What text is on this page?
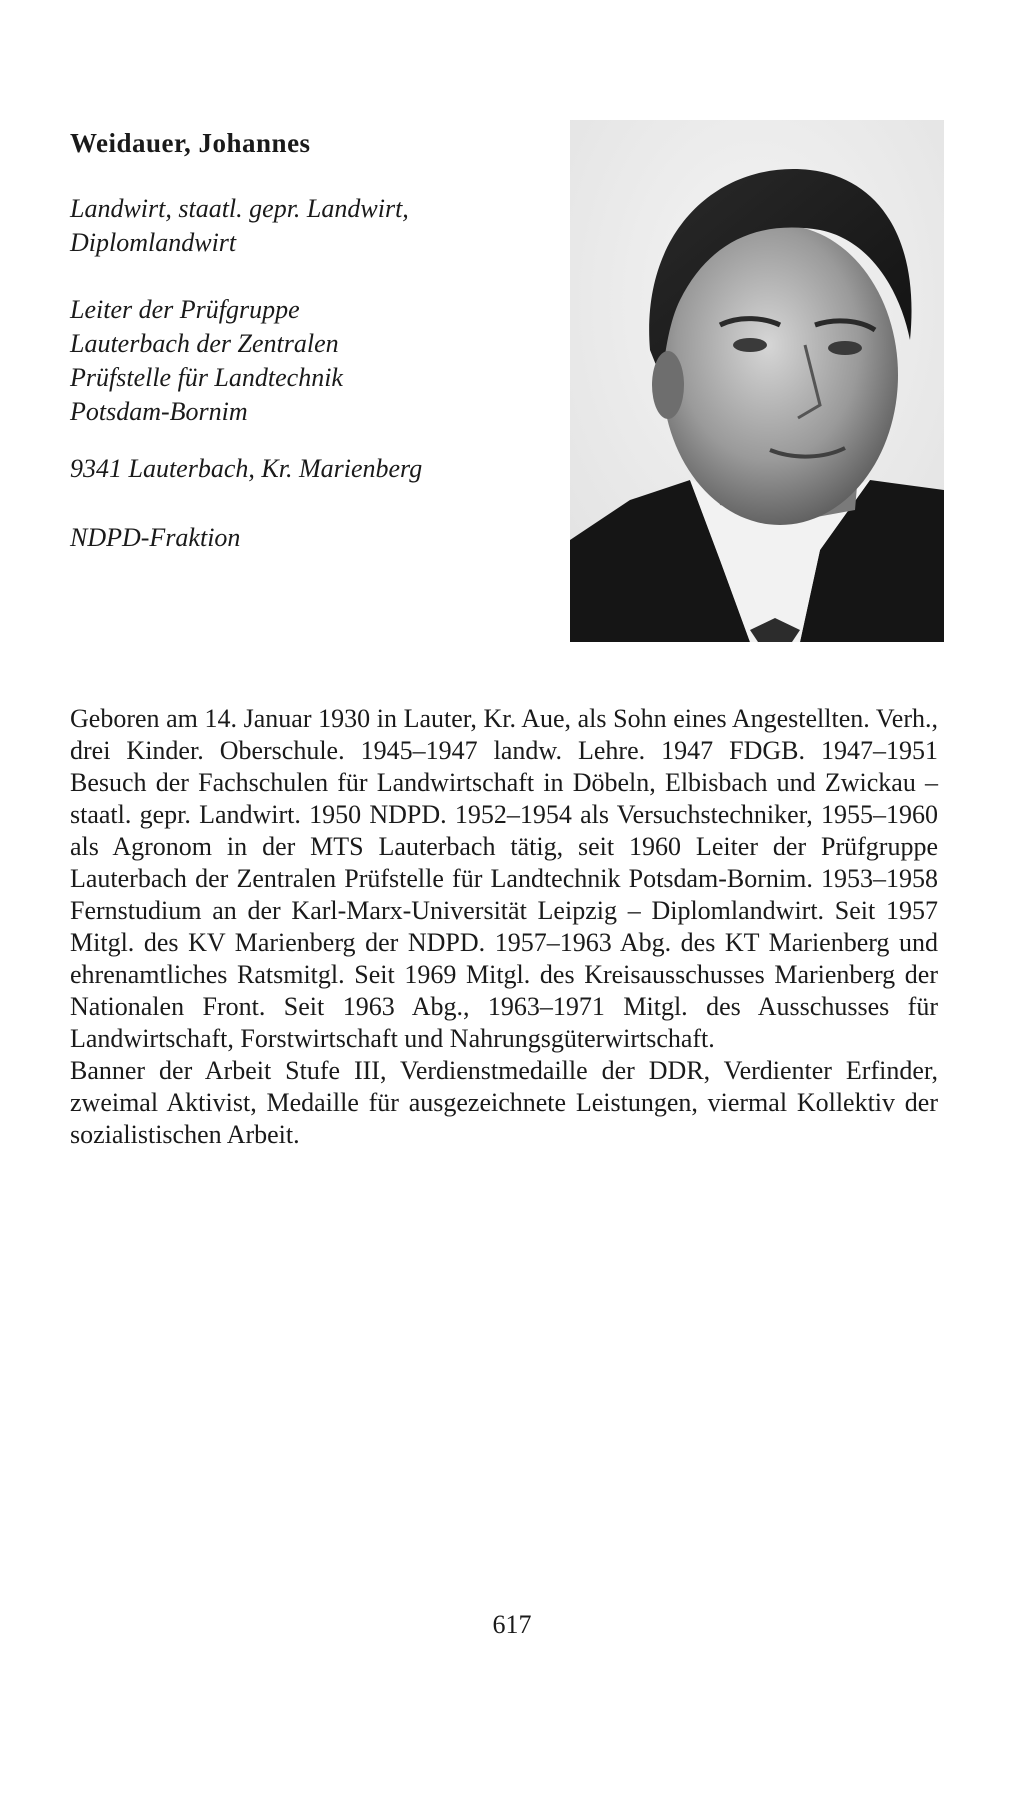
Weidauer, Johannes
Landwirt, staatl. gepr. Landwirt,
Diplomlandwirt
Leiter der Prüfgruppe
Lauterbach der Zentralen
Prüfstelle für Landtechnik
Potsdam-Bornim
9341 Lauterbach, Kr. Marienberg
NDPD-Fraktion

Geboren am 14. Januar 1930 in Lauter, Kr. Aue, als Sohn eines Angestellten. Verh., drei Kinder. Oberschule. 1945–1947 landw. Lehre. 1947 FDGB. 1947–1951 Besuch der Fachschulen für Landwirtschaft in Döbeln, Elbisbach und Zwickau – staatl. gepr. Landwirt. 1950 NDPD. 1952–1954 als Versuchstechniker, 1955–1960 als Agronom in der MTS Lauterbach tätig, seit 1960 Leiter der Prüfgruppe Lauterbach der Zentralen Prüfstelle für Landtechnik Potsdam-Bornim. 1953–1958 Fernstudium an der Karl-Marx-Universität Leipzig – Diplomlandwirt. Seit 1957 Mitgl. des KV Marienberg der NDPD. 1957–1963 Abg. des KT Marienberg und ehrenamtliches Ratsmitgl. Seit 1969 Mitgl. des Kreisausschusses Marienberg der Nationalen Front. Seit 1963 Abg., 1963–1971 Mitgl. des Ausschusses für Landwirtschaft, Forstwirtschaft und Nahrungsgüterwirtschaft.

Banner der Arbeit Stufe III, Verdienstmedaille der DDR, Verdienter Erfinder, zweimal Aktivist, Medaille für ausgezeichnete Leistungen, viermal Kollektiv der sozialistischen Arbeit.

617
